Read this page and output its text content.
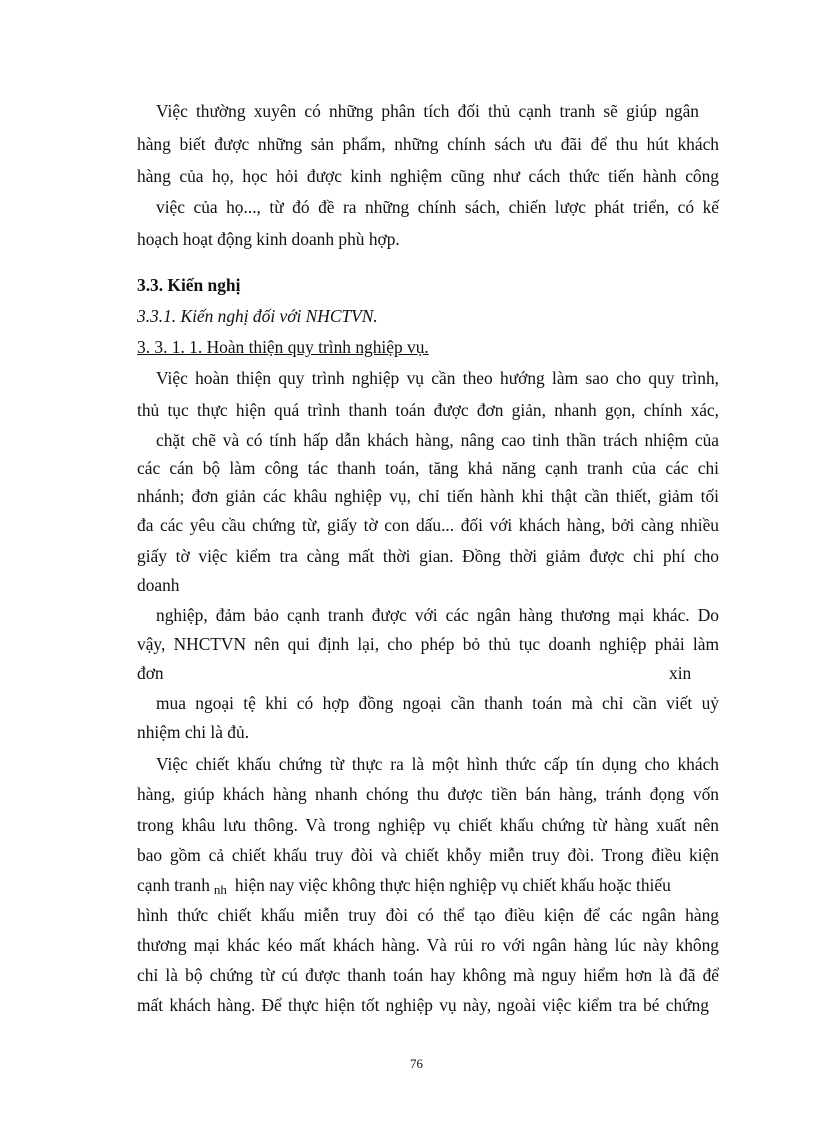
Việc thường xuyên có những phân tích đối thủ cạnh tranh sẽ giúp ngân
hàng biết được những sản phẩm, những chính sách ưu đãi để thu hút khách
hàng của họ, học hỏi được kinh nghiệm cũng như cách thức tiến hành công
việc của họ..., từ đó đề ra những chính sách, chiến lược phát triển, có kế
hoạch hoạt động kinh doanh phù hợp.
3.3. Kiến nghị
3.3.1. Kiến nghị đối với NHCTVN.
3. 3. 1. 1. Hoàn thiện quy trình nghiệp vụ.
Việc hoàn thiện quy trình nghiệp vụ cần theo hướng làm sao cho quy trình,
thủ tục thực hiện quá trình thanh toán được đơn giản, nhanh gọn, chính xác,
chặt chẽ và có tính hấp dẫn khách hàng, nâng cao tinh thần trách nhiệm của
các cán bộ làm công tác thanh toán, tăng khả năng cạnh tranh của các chi
nhánh; đơn giản các khâu nghiệp vụ, chỉ tiến hành khi thật cần thiết, giảm tối
đa các yêu cầu chứng từ, giấy tờ con dấu... đối với khách hàng, bởi càng nhiều
giấy tờ việc kiểm tra càng mất thời gian. Đồng thời giảm được chi phí cho
doanh
nghiệp, đảm bảo cạnh tranh được với các ngân hàng thương mại khác. Do
vậy, NHCTVN nên qui định lại, cho phép bỏ thủ tục doanh nghiệp phải làm
đơn	xin
mua ngoại tệ khi có hợp đồng ngoại cần thanh toán mà chỉ cần viết uỷ
nhiệm chi là đủ.
Việc chiết khấu chứng từ thực ra là một hình thức cấp tín dụng cho khách
hàng, giúp khách hàng nhanh chóng thu được tiền bán hàng, tránh đọng vốn
trong khâu lưu thông. Và trong nghiệp vụ chiết khấu chứng từ hàng xuất nên
bao gồm cả chiết khấu truy đòi và chiết khỗy miễn truy đòi. Trong điều kiện
cạnh tranh nh hiện nay việc không thực hiện nghiệp vụ chiết khấu hoặc thiếu
hình thức chiết khấu miễn truy đòi có thể tạo điều kiện để các ngân hàng
thương mại khác kéo mất khách hàng. Và rủi ro với ngân hàng lúc này không
chỉ là bộ chứng từ cú được thanh toán hay không mà nguy hiểm hơn là đã để
mất khách hàng. Để thực hiện tốt nghiệp vụ này, ngoài việc kiểm tra bé chứng
76
